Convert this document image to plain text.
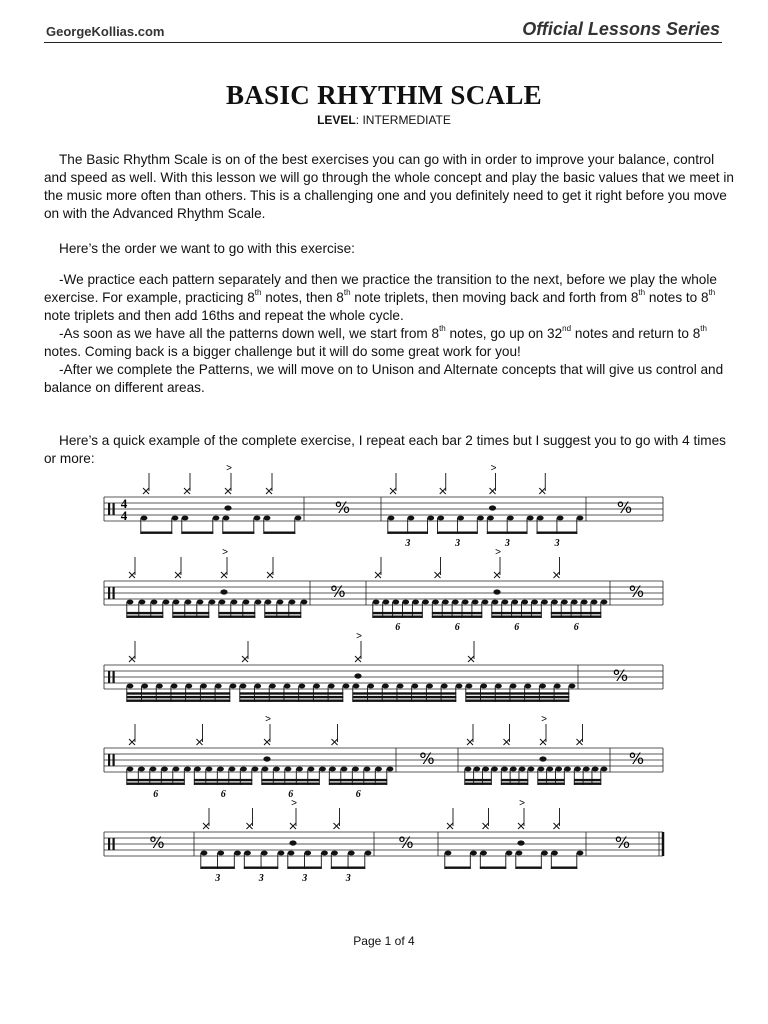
GeorgeKollias.com	Official Lessons Series
BASIC RHYTHM SCALE
LEVEL: INTERMEDIATE

The Basic Rhythm Scale is on of the best exercises you can go with in order to improve your balance, control and speed as well. With this lesson we will go through the whole concept and play the basic values that we meet in the music more often than others. This is a challenging one and you definitely need to get it right before you move on with the Advanced Rhythm Scale.

Here’s the order we want to go with this exercise:

-We practice each pattern separately and then we practice the transition to the next, before we play the whole exercise. For example, practicing 8th notes, then 8th note triplets, then moving back and forth from 8th notes to 8th note triplets and then add 16ths and repeat the whole cycle.

-As soon as we have all the patterns down well, we start from 8th notes, go up on 32nd notes and return to 8th notes. Coming back is a bigger challenge but it will do some great work for you!

-After we complete the Patterns, we will move on to Unison and Alternate concepts that will give us control and balance on different areas.

Here’s a quick example of the complete exercise, I repeat each bar 2 times but I suggest you to go with 4 times or more:

4
4
>
%
3	3
>
3	3
%
>
%
6	6
>
6	6
%
>
%
6	6
>
6	6
%
>
%
%
3	3
>
3	3
%
>
%
Page 1 of 4
